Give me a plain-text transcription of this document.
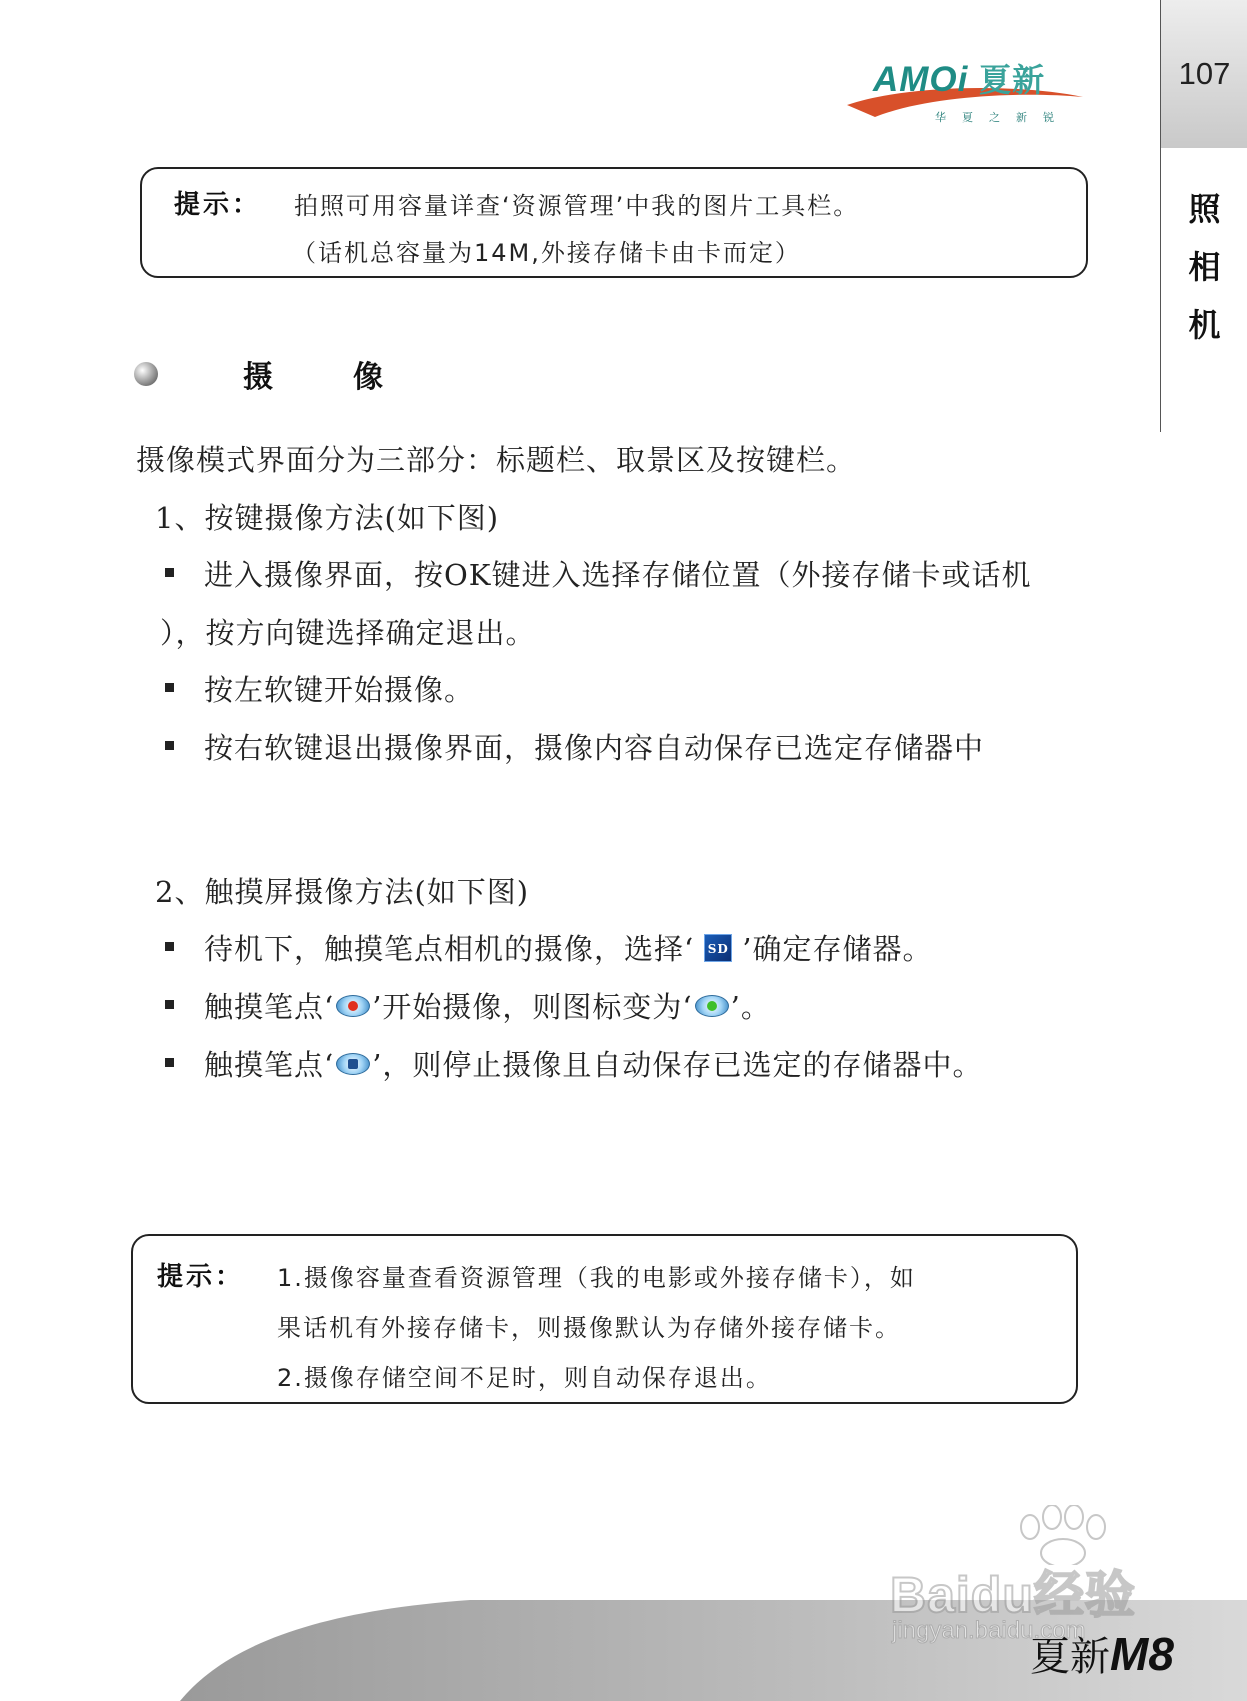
AMOi 夏新
华夏之新锐
107
照
相
机
提示： 拍照可用容量详查‘资源管理’中我的图片工具栏。
（话机总容量为14M,外接存储卡由卡而定）
摄像
摄像模式界面分为三部分：标题栏、取景区及按键栏。
1、按键摄像方法(如下图)
进入摄像界面，按OK键进入选择存储位置（外接存储卡或话机
），按方向键选择确定退出。
按左软键开始摄像。
按右软键退出摄像界面，摄像内容自动保存已选定存储器中
2、触摸屏摄像方法(如下图)
待机下，触摸笔点相机的摄像，选择‘ SD ’确定存储器。
触摸笔点‘ ’开始摄像，则图标变为‘ ’。
触摸笔点‘ ’，则停止摄像且自动保存已选定的存储器中。
提示： 1.摄像容量查看资源管理（我的电影或外接存储卡），如
果话机有外接存储卡，则摄像默认为存储外接存储卡。
2.摄像存储空间不足时，则自动保存退出。
Baidu经验
jingyan.baidu.com
夏新M8
